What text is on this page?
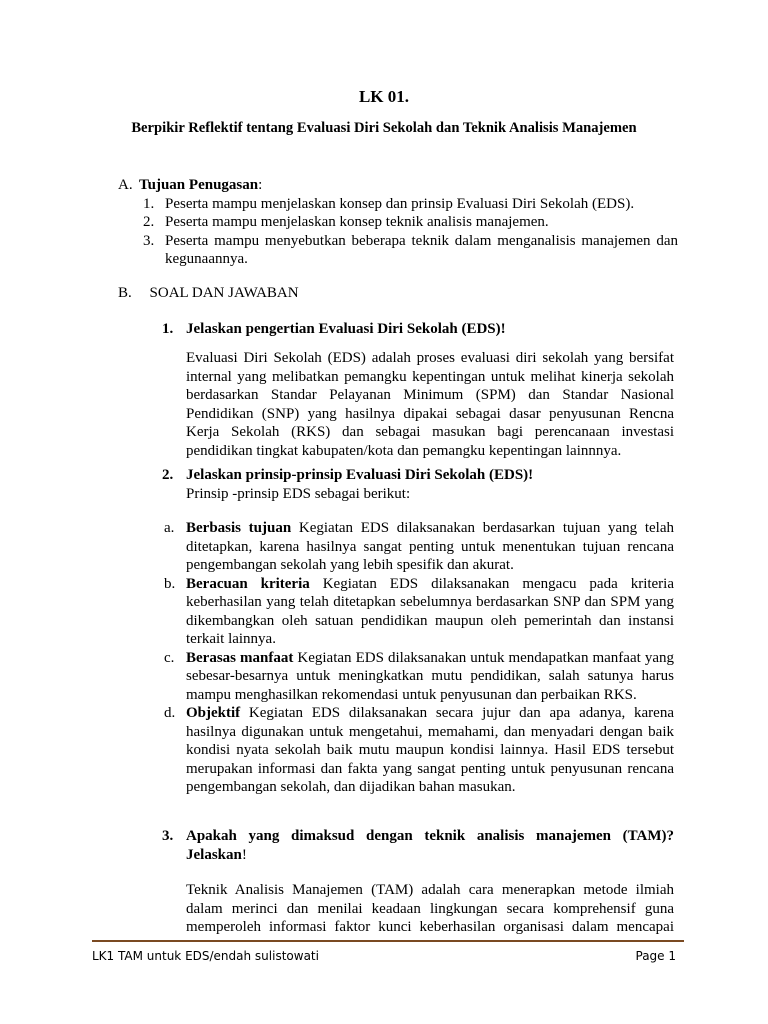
LK 01.
Berpikir Reflektif tentang Evaluasi Diri Sekolah dan Teknik Analisis Manajemen
A. Tujuan Penugasan:
1. Peserta mampu menjelaskan konsep dan prinsip Evaluasi Diri Sekolah (EDS).
2. Peserta mampu menjelaskan konsep teknik analisis manajemen.
3. Peserta mampu menyebutkan beberapa teknik dalam menganalisis manajemen dan kegunaannya.
B. SOAL DAN JAWABAN
1. Jelaskan pengertian Evaluasi Diri Sekolah (EDS)!
Evaluasi Diri Sekolah (EDS) adalah proses evaluasi diri sekolah yang bersifat internal yang melibatkan pemangku kepentingan untuk melihat kinerja sekolah berdasarkan Standar Pelayanan Minimum (SPM) dan Standar Nasional Pendidikan (SNP) yang hasilnya dipakai sebagai dasar penyusunan Rencna Kerja Sekolah (RKS) dan sebagai masukan bagi perencanaan investasi pendidikan tingkat kabupaten/kota dan pemangku kepentingan lainnnya.
2. Jelaskan prinsip-prinsip Evaluasi Diri Sekolah (EDS)!
Prinsip -prinsip EDS sebagai berikut:
a. Berbasis tujuan Kegiatan EDS dilaksanakan berdasarkan tujuan yang telah ditetapkan, karena hasilnya sangat penting untuk menentukan tujuan rencana pengembangan sekolah yang lebih spesifik dan akurat.
b. Beracuan kriteria Kegiatan EDS dilaksanakan mengacu pada kriteria keberhasilan yang telah ditetapkan sebelumnya berdasarkan SNP dan SPM yang dikembangkan oleh satuan pendidikan maupun oleh pemerintah dan instansi terkait lainnya.
c. Berasas manfaat Kegiatan EDS dilaksanakan untuk mendapatkan manfaat yang sebesar-besarnya untuk meningkatkan mutu pendidikan, salah satunya harus mampu menghasilkan rekomendasi untuk penyusunan dan perbaikan RKS.
d. Objektif Kegiatan EDS dilaksanakan secara jujur dan apa adanya, karena hasilnya digunakan untuk mengetahui, memahami, dan menyadari dengan baik kondisi nyata sekolah baik mutu maupun kondisi lainnya. Hasil EDS tersebut merupakan informasi dan fakta yang sangat penting untuk penyusunan rencana pengembangan sekolah, dan dijadikan bahan masukan.
3. Apakah yang dimaksud dengan teknik analisis manajemen (TAM)? Jelaskan!
Teknik Analisis Manajemen (TAM) adalah cara menerapkan metode ilmiah dalam merinci dan menilai keadaan lingkungan secara komprehensif guna memperoleh informasi faktor kunci keberhasilan organisasi dalam mencapai
LK1 TAM untuk EDS/endah sulistowati	Page 1
